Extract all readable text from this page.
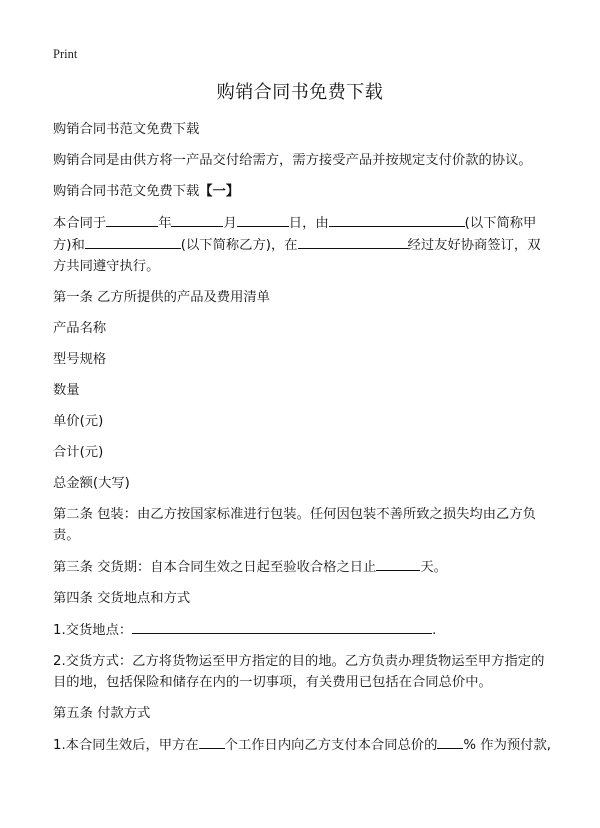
Print
购销合同书免费下载

购销合同书范文免费下载

购销合同是由供方将一产品交付给需方，需方接受产品并按规定支付价款的协议。

购销合同书范文免费下载【一】

本合同于	年	月	日，由	(以下简称甲方)和	(以下简称乙方)，在	经过友好协商签订，双方共同遵守执行。

第一条 乙方所提供的产品及费用清单

产品名称

型号规格

数量

单价(元)

合计(元)

总金额(大写)

第二条 包装：由乙方按国家标准进行包装。任何因包装不善所致之损失均由乙方负责。

第三条 交货期：自本合同生效之日起至验收合格之日止	天。

第四条 交货地点和方式

1.交货地点：	.

2.交货方式：乙方将货物运至甲方指定的目的地。乙方负责办理货物运至甲方指定的目的地，包括保险和储存在内的一切事项，有关费用已包括在合同总价中。

第五条 付款方式

1.本合同生效后，甲方在 个工作日内向乙方支付本合同总价的 % 作为预付款,
